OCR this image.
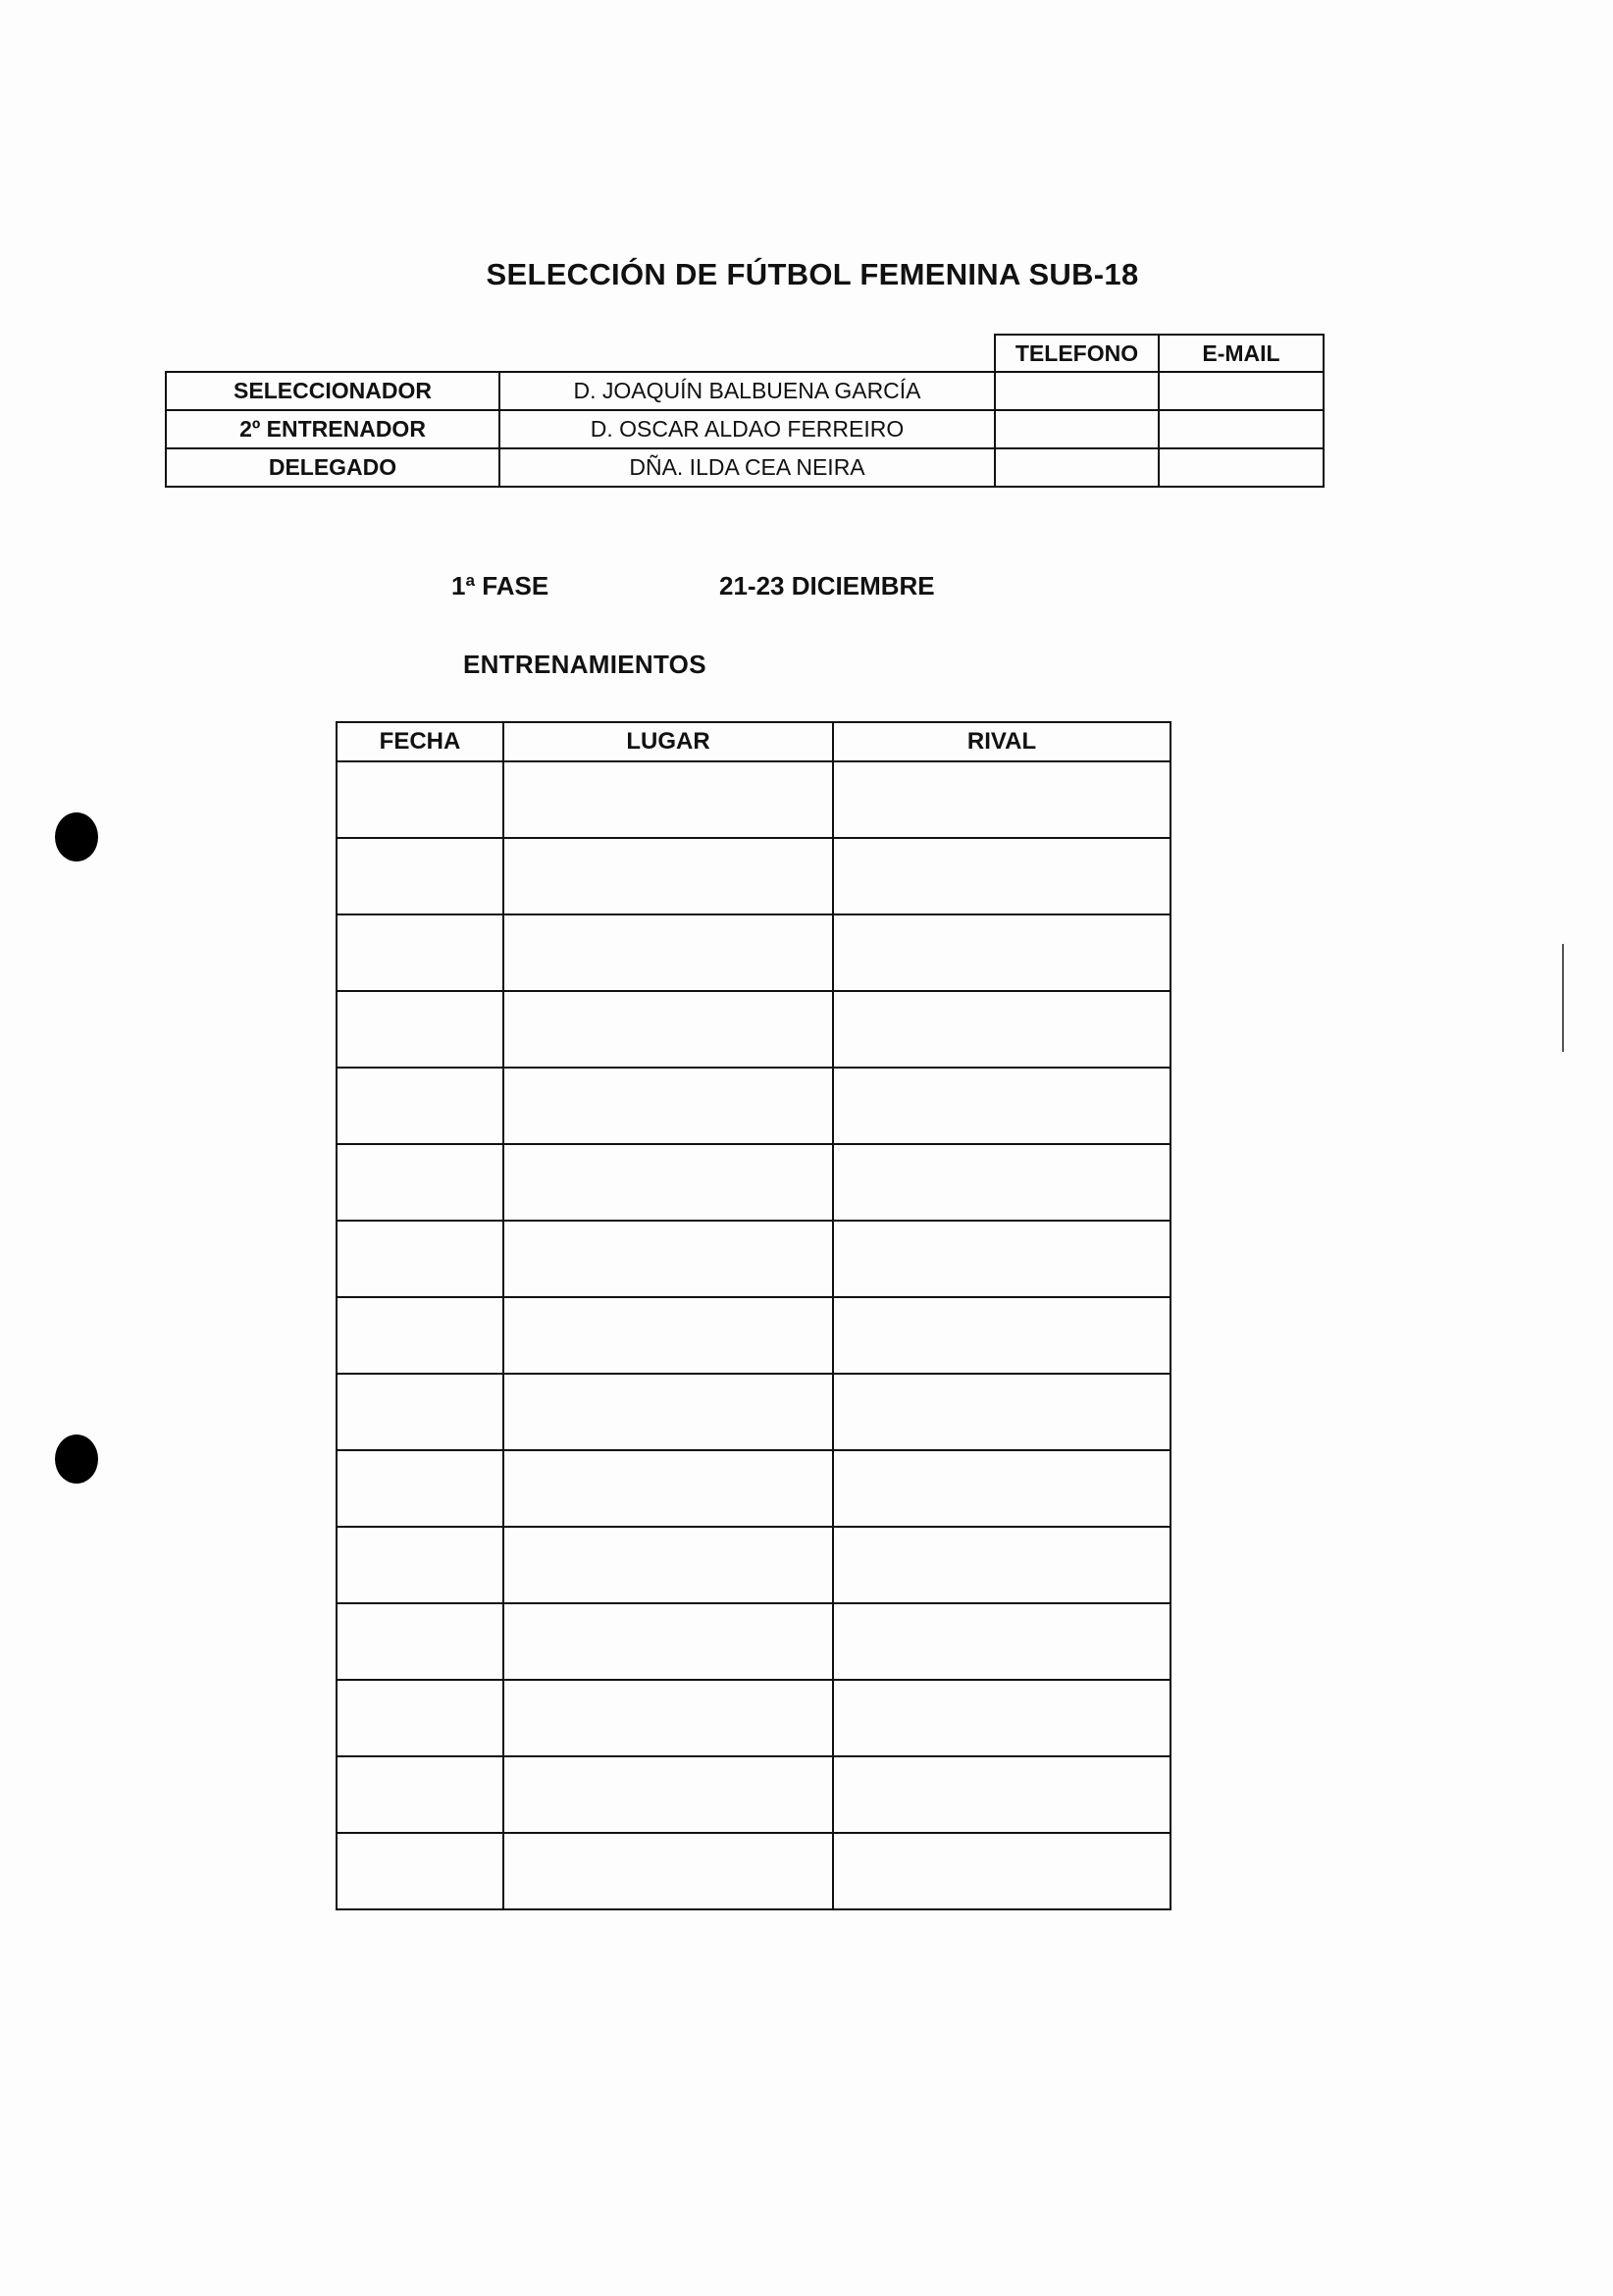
SELECCIÓN DE FÚTBOL FEMENINA SUB-18
		TELEFONO	E-MAIL
SELECCIONADOR	D. JOAQUÍN BALBUENA GARCÍA		
2º ENTRENADOR	D. OSCAR ALDAO FERREIRO		
DELEGADO	DÑA. ILDA CEA NEIRA		
1ª FASE	21-23 DICIEMBRE
ENTRENAMIENTOS
FECHA	LUGAR	RIVAL
